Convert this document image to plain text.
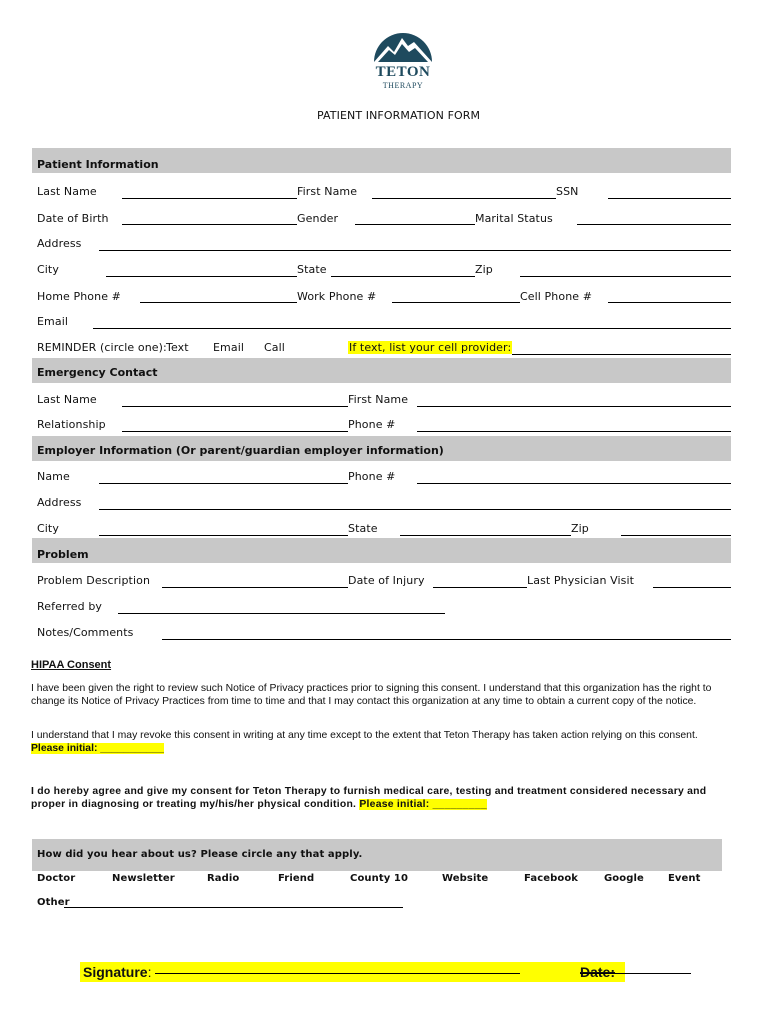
TETON
THERAPY
PATIENT INFORMATION FORM
Patient Information
Last Name	First Name	SSN
Date of Birth	Gender	Marital Status
Address
City	State	Zip
Home Phone #	Work Phone #	Cell Phone #
Email
REMINDER (circle one): Text Email Call	If text, list your cell provider:
Emergency Contact
Last Name	First Name
Relationship	Phone #
Employer Information (Or parent/guardian employer information)
Name	Phone #
Address
City	State	Zip
Problem
Problem Description	Date of Injury	Last Physician Visit
Referred by
Notes/Comments
HIPAA Consent
I have been given the right to review such Notice of Privacy practices prior to signing this consent. I understand that this organization has the right to change its Notice of Privacy Practices from time to time and that I may contact this organization at any time to obtain a current copy of the notice.
I understand that I may revoke this consent in writing at any time except to the extent that Teton Therapy has taken action relying on this consent. Please initial: ___________
I do hereby agree and give my consent for Teton Therapy to furnish medical care, testing and treatment considered necessary and proper in diagnosing or treating my/his/her physical condition. Please initial: _________
How did you hear about us? Please circle any that apply.
Doctor	Newsletter	Radio	Friend	County 10	Website	Facebook	Google Event
Other
Signature:	Date:
